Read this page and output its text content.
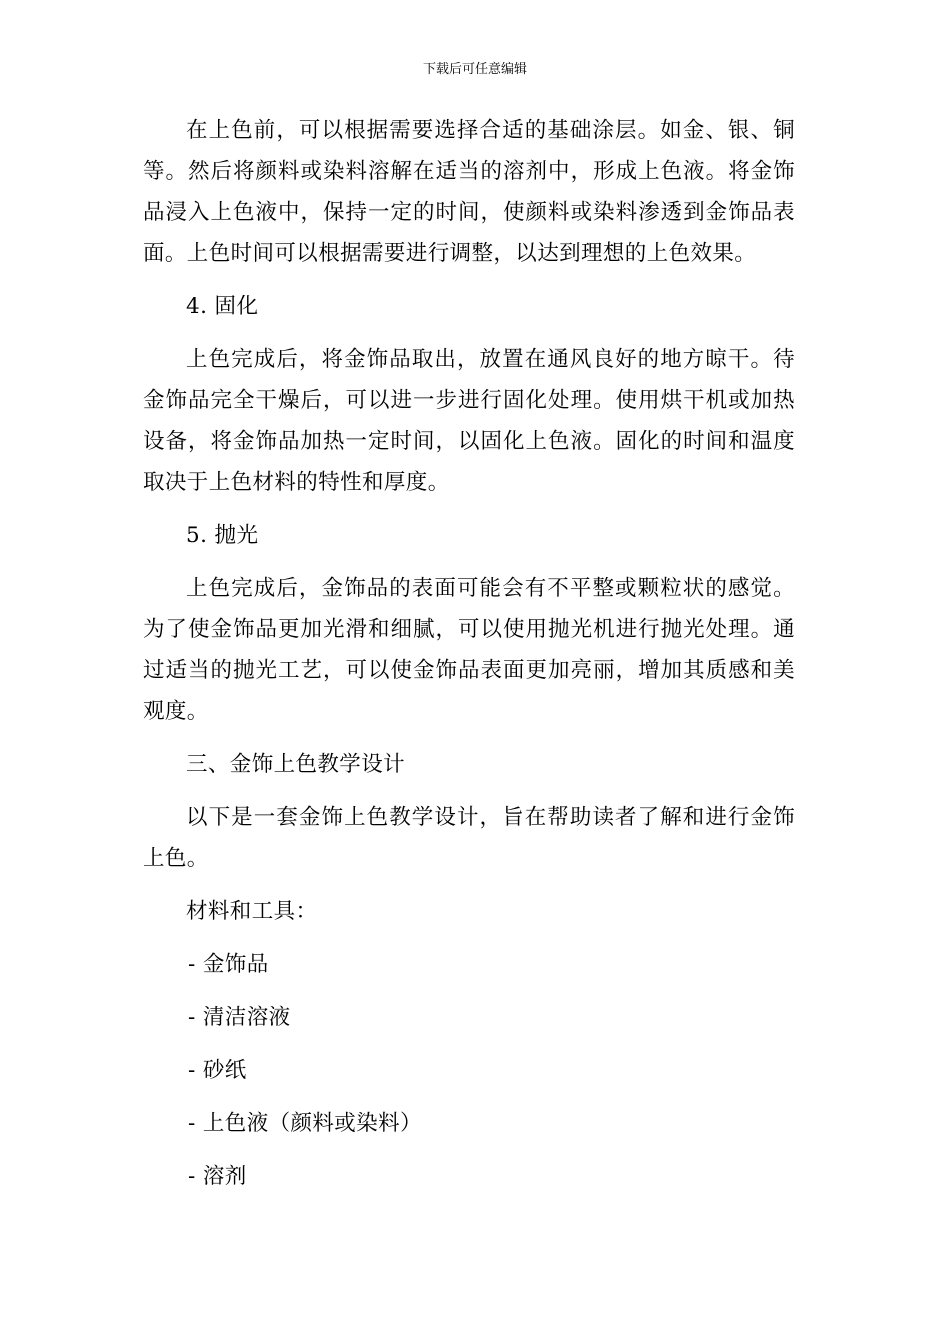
下载后可任意编辑

在上色前，可以根据需要选择合适的基础涂层。如金、银、铜等。然后将颜料或染料溶解在适当的溶剂中，形成上色液。将金饰品浸入上色液中，保持一定的时间，使颜料或染料渗透到金饰品表面。上色时间可以根据需要进行调整，以达到理想的上色效果。

4. 固化

上色完成后，将金饰品取出，放置在通风良好的地方晾干。待金饰品完全干燥后，可以进一步进行固化处理。使用烘干机或加热设备，将金饰品加热一定时间，以固化上色液。固化的时间和温度取决于上色材料的特性和厚度。

5. 抛光

上色完成后，金饰品的表面可能会有不平整或颗粒状的感觉。为了使金饰品更加光滑和细腻，可以使用抛光机进行抛光处理。通过适当的抛光工艺，可以使金饰品表面更加亮丽，增加其质感和美观度。

三、金饰上色教学设计

以下是一套金饰上色教学设计，旨在帮助读者了解和进行金饰上色。

材料和工具：

- 金饰品
- 清洁溶液
- 砂纸
- 上色液（颜料或染料）
- 溶剂
